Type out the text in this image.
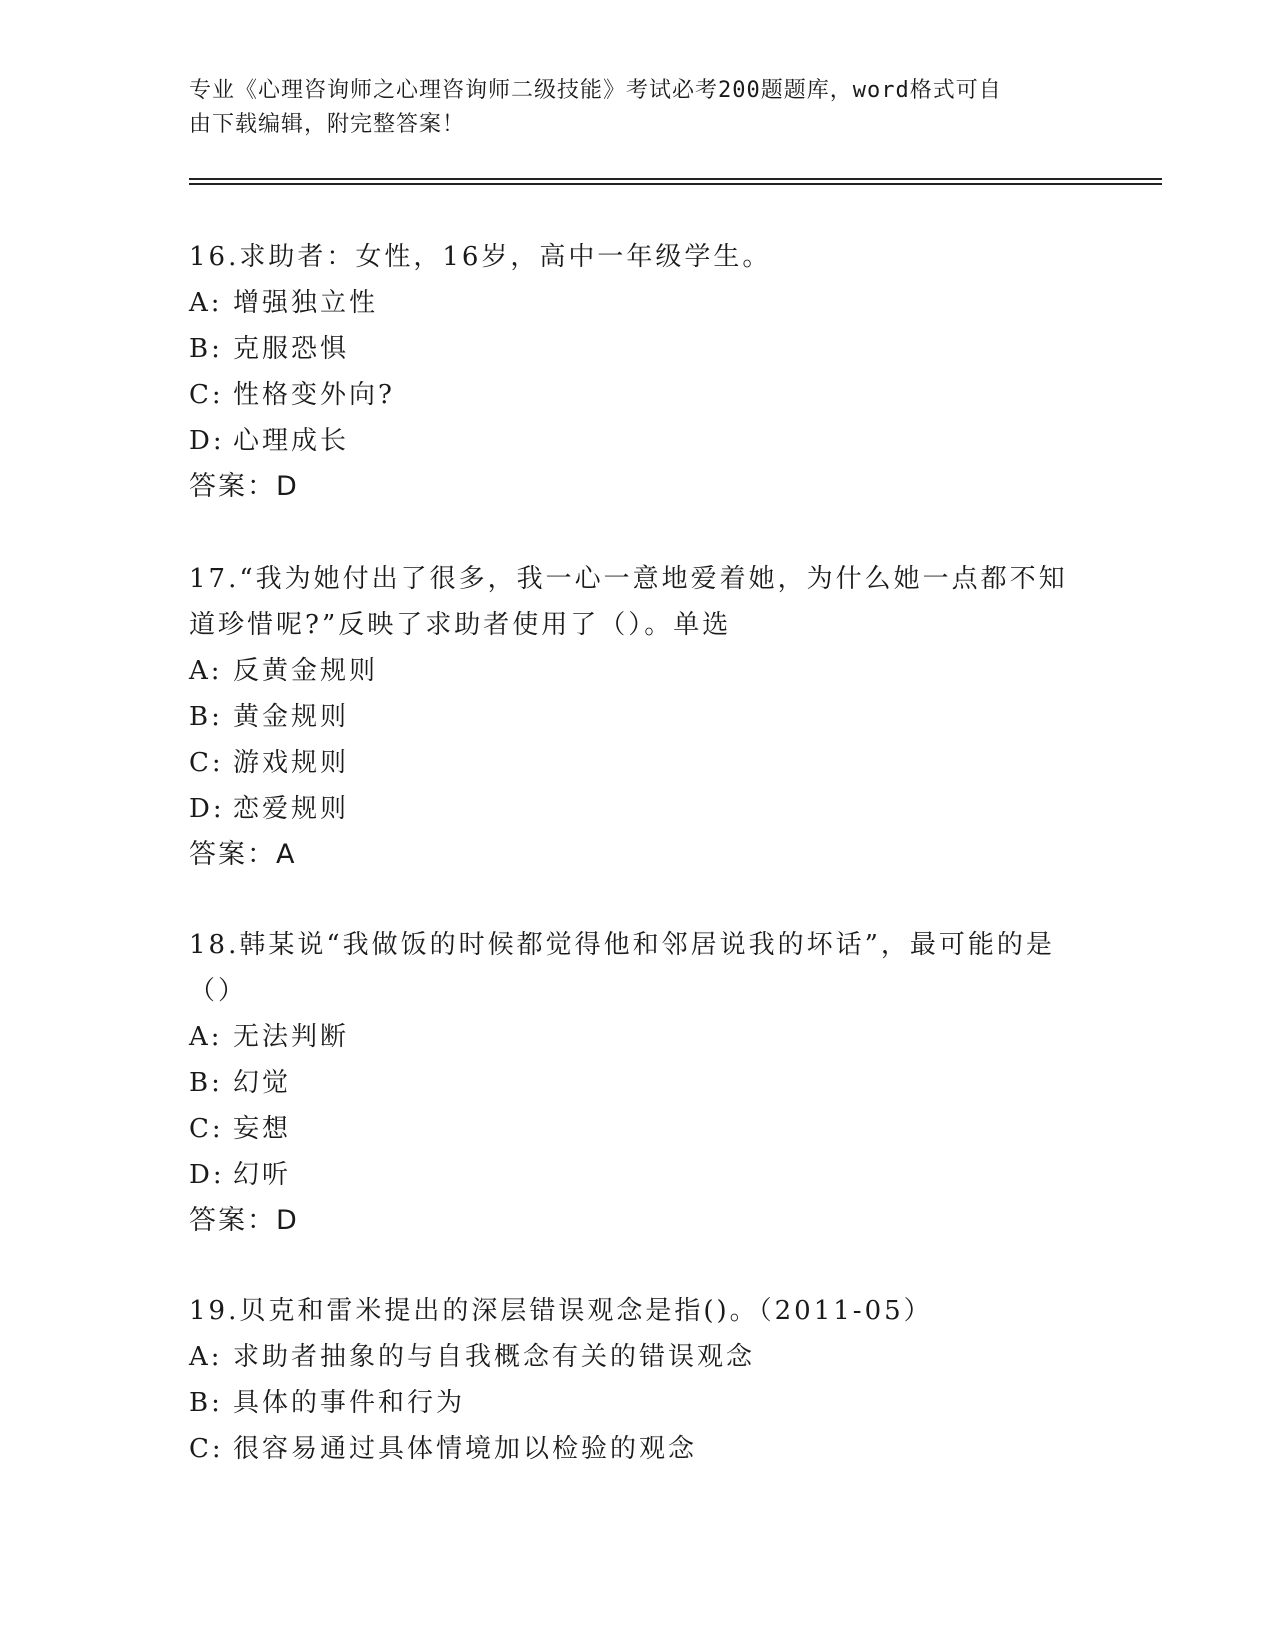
专业《心理咨询师之心理咨询师二级技能》考试必考200题题库，word格式可自
由下载编辑，附完整答案！
16.求助者：女性，16岁，高中一年级学生。
A: 增强独立性
B: 克服恐惧
C: 性格变外向?
D: 心理成长
答案：D
17.“我为她付出了很多，我一心一意地爱着她，为什么她一点都不知
道珍惜呢?”反映了求助者使用了（）。单选
A: 反黄金规则
B: 黄金规则
C: 游戏规则
D: 恋爱规则
答案：A
18.韩某说“我做饭的时候都觉得他和邻居说我的坏话”，最可能的是
（）
A: 无法判断
B: 幻觉
C: 妄想
D: 幻听
答案：D
19.贝克和雷米提出的深层错误观念是指()。（2011-05）
A: 求助者抽象的与自我概念有关的错误观念
B: 具体的事件和行为
C: 很容易通过具体情境加以检验的观念
